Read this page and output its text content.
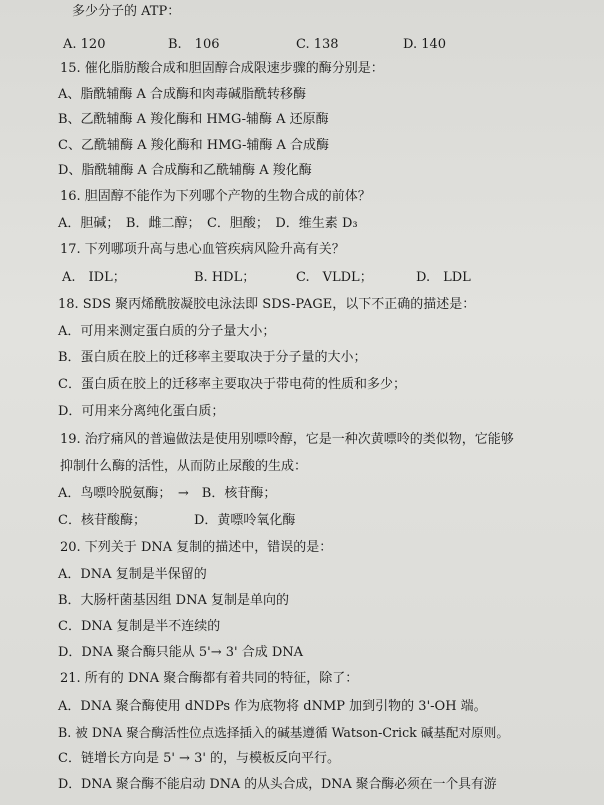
多少分子的 ATP：
A. 120	B.　106	C. 138	D. 140
15. 催化脂肪酸合成和胆固醇合成限速步骤的酶分别是：
A、脂酰辅酶 A 合成酶和肉毒碱脂酰转移酶
B、乙酰辅酶 A 羧化酶和 HMG-辅酶 A 还原酶
C、乙酰辅酶 A 羧化酶和 HMG-辅酶 A 合成酶
D、脂酰辅酶 A 合成酶和乙酰辅酶 A 羧化酶
16. 胆固醇不能作为下列哪个产物的生物合成的前体？
A．胆碱；　B．雌二醇；　C．胆酸；　D．维生素 D₃
17. 下列哪项升高与患心血管疾病风险升高有关？
A.　IDL；	B. HDL；	C.　VLDL；	D.　LDL
18. SDS 聚丙烯酰胺凝胶电泳法即 SDS-PAGE，以下不正确的描述是：
A．可用来测定蛋白质的分子量大小；
B．蛋白质在胶上的迁移率主要取决于分子量的大小；
C．蛋白质在胶上的迁移率主要取决于带电荷的性质和多少；
D．可用来分离纯化蛋白质；
19. 治疗痛风的普遍做法是使用别嘌呤醇，它是一种次黄嘌呤的类似物，它能够
抑制什么酶的活性，从而防止尿酸的生成：
A．鸟嘌呤脱氨酶；　→　B．核苷酶；
C．核苷酸酶；	D．黄嘌呤氧化酶
20. 下列关于 DNA 复制的描述中，错误的是：
A．DNA 复制是半保留的
B．大肠杆菌基因组 DNA 复制是单向的
C．DNA 复制是半不连续的
D．DNA 聚合酶只能从 5'→ 3' 合成 DNA
21. 所有的 DNA 聚合酶都有着共同的特征，除了：
A．DNA 聚合酶使用 dNDPs 作为底物将 dNMP 加到引物的 3'-OH 端。
B. 被 DNA 聚合酶活性位点选择插入的碱基遵循 Watson-Crick 碱基配对原则。
C．链增长方向是 5' → 3' 的，与模板反向平行。
D．DNA 聚合酶不能启动 DNA 的从头合成，DNA 聚合酶必须在一个具有游
